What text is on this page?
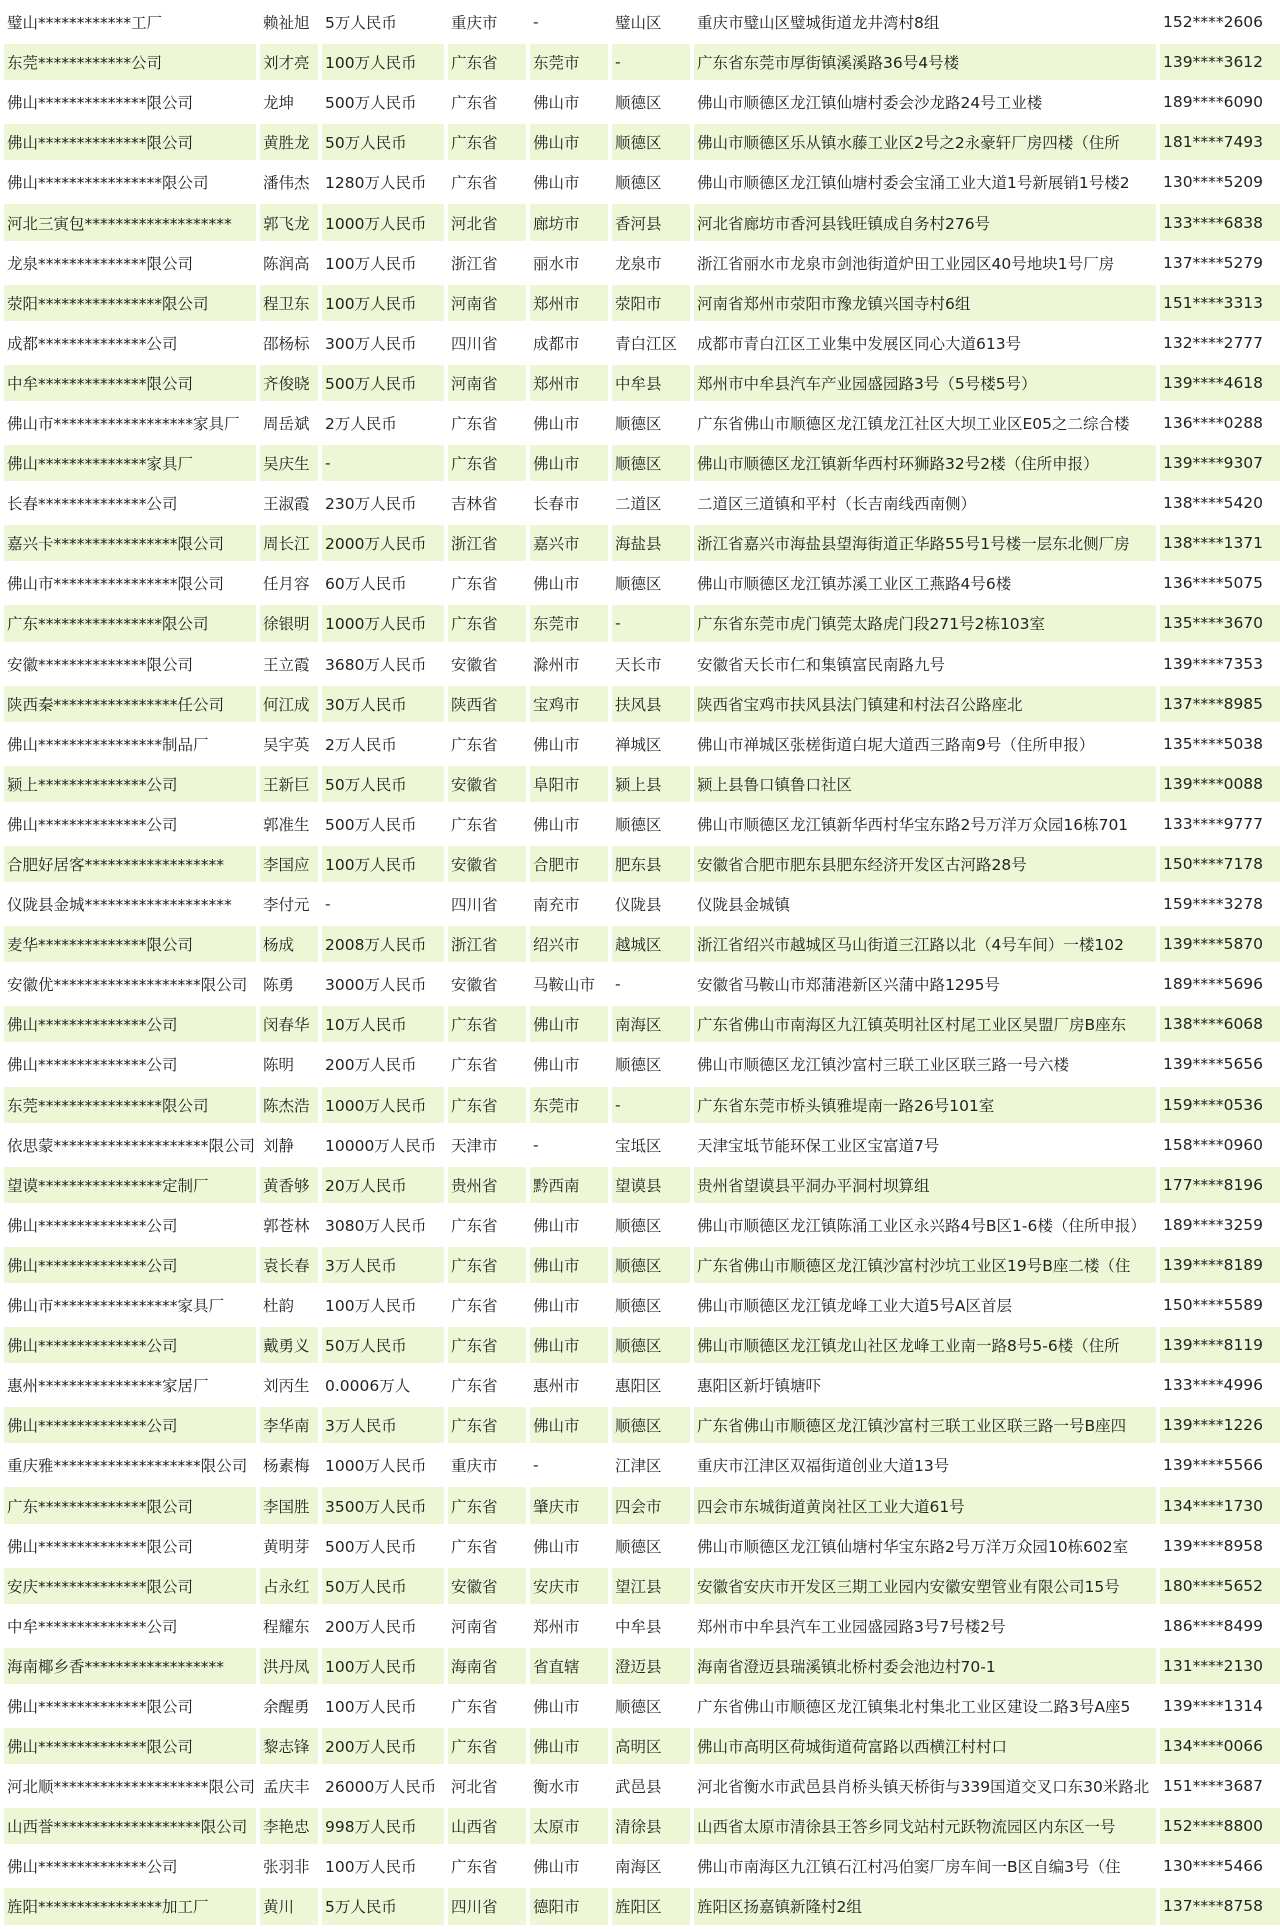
璧山************工厂	赖祉旭	5万人民币	重庆市	-	璧山区	重庆市璧山区璧城街道龙井湾村8组	152****2606
东莞************公司	刘才亮	100万人民币	广东省	东莞市	-	广东省东莞市厚街镇溪溪路36号4号楼	139****3612
佛山**************限公司	龙坤	500万人民币	广东省	佛山市	顺德区	佛山市顺德区龙江镇仙塘村委会沙龙路24号工业楼	189****6090
佛山**************限公司	黄胜龙	50万人民币	广东省	佛山市	顺德区	佛山市顺德区乐从镇水藤工业区2号之2永豪轩厂房四楼（住所	181****7493
佛山****************限公司	潘伟杰	1280万人民币	广东省	佛山市	顺德区	佛山市顺德区龙江镇仙塘村委会宝涌工业大道1号新展销1号楼2	130****5209
河北三寅包*******************	郭飞龙	1000万人民币	河北省	廊坊市	香河县	河北省廊坊市香河县钱旺镇成自务村276号	133****6838
龙泉**************限公司	陈润高	100万人民币	浙江省	丽水市	龙泉市	浙江省丽水市龙泉市剑池街道炉田工业园区40号地块1号厂房	137****5279
荥阳****************限公司	程卫东	100万人民币	河南省	郑州市	荥阳市	河南省郑州市荥阳市豫龙镇兴国寺村6组	151****3313
成都**************公司	邵杨标	300万人民币	四川省	成都市	青白江区	成都市青白江区工业集中发展区同心大道613号	132****2777
中牟**************限公司	齐俊晓	500万人民币	河南省	郑州市	中牟县	郑州市中牟县汽车产业园盛园路3号（5号楼5号）	139****4618
佛山市******************家具厂	周岳斌	2万人民币	广东省	佛山市	顺德区	广东省佛山市顺德区龙江镇龙江社区大坝工业区E05之二综合楼	136****0288
佛山**************家具厂	吴庆生	-	广东省	佛山市	顺德区	佛山市顺德区龙江镇新华西村环狮路32号2楼（住所申报）	139****9307
长春**************公司	王淑霞	230万人民币	吉林省	长春市	二道区	二道区三道镇和平村（长吉南线西南侧）	138****5420
嘉兴卡****************限公司	周长江	2000万人民币	浙江省	嘉兴市	海盐县	浙江省嘉兴市海盐县望海街道正华路55号1号楼一层东北侧厂房	138****1371
佛山市****************限公司	任月容	60万人民币	广东省	佛山市	顺德区	佛山市顺德区龙江镇苏溪工业区工燕路4号6楼	136****5075
广东****************限公司	徐银明	1000万人民币	广东省	东莞市	-	广东省东莞市虎门镇莞太路虎门段271号2栋103室	135****3670
安徽**************限公司	王立霞	3680万人民币	安徽省	滁州市	天长市	安徽省天长市仁和集镇富民南路九号	139****7353
陕西秦****************任公司	何江成	30万人民币	陕西省	宝鸡市	扶风县	陕西省宝鸡市扶风县法门镇建和村法召公路座北	137****8985
佛山****************制品厂	吴宇英	2万人民币	广东省	佛山市	禅城区	佛山市禅城区张槎街道白坭大道西三路南9号（住所申报）	135****5038
颍上**************公司	王新巨	50万人民币	安徽省	阜阳市	颍上县	颍上县鲁口镇鲁口社区	139****0088
佛山**************公司	郭准生	500万人民币	广东省	佛山市	顺德区	佛山市顺德区龙江镇新华西村华宝东路2号万洋万众园16栋701	133****9777
合肥好居客******************	李国应	100万人民币	安徽省	合肥市	肥东县	安徽省合肥市肥东县肥东经济开发区古河路28号	150****7178
仪陇县金城*******************	李付元	-	四川省	南充市	仪陇县	仪陇县金城镇	159****3278
麦华**************限公司	杨成	2008万人民币	浙江省	绍兴市	越城区	浙江省绍兴市越城区马山街道三江路以北（4号车间）一楼102	139****5870
安徽优*******************限公司	陈勇	3000万人民币	安徽省	马鞍山市	-	安徽省马鞍山市郑蒲港新区兴蒲中路1295号	189****5696
佛山**************公司	闵春华	10万人民币	广东省	佛山市	南海区	广东省佛山市南海区九江镇英明社区村尾工业区昊盟厂房B座东	138****6068
佛山**************公司	陈明	200万人民币	广东省	佛山市	顺德区	佛山市顺德区龙江镇沙富村三联工业区联三路一号六楼	139****5656
东莞****************限公司	陈杰浩	1000万人民币	广东省	东莞市	-	广东省东莞市桥头镇雅堤南一路26号101室	159****0536
依思蒙********************限公司	刘静	10000万人民币	天津市	-	宝坻区	天津宝坻节能环保工业区宝富道7号	158****0960
望谟****************定制厂	黄香够	20万人民币	贵州省	黔西南	望谟县	贵州省望谟县平洞办平洞村坝算组	177****8196
佛山**************公司	郭苍林	3080万人民币	广东省	佛山市	顺德区	佛山市顺德区龙江镇陈涌工业区永兴路4号B区1-6楼（住所申报）	189****3259
佛山**************公司	袁长春	3万人民币	广东省	佛山市	顺德区	广东省佛山市顺德区龙江镇沙富村沙坑工业区19号B座二楼（住	139****8189
佛山市****************家具厂	杜韵	100万人民币	广东省	佛山市	顺德区	佛山市顺德区龙江镇龙峰工业大道5号A区首层	150****5589
佛山**************公司	戴勇义	50万人民币	广东省	佛山市	顺德区	佛山市顺德区龙江镇龙山社区龙峰工业南一路8号5-6楼（住所	139****8119
惠州****************家居厂	刘丙生	0.0006万人	广东省	惠州市	惠阳区	惠阳区新圩镇塘吓	133****4996
佛山**************公司	李华南	3万人民币	广东省	佛山市	顺德区	广东省佛山市顺德区龙江镇沙富村三联工业区联三路一号B座四	139****1226
重庆雅*******************限公司	杨素梅	1000万人民币	重庆市	-	江津区	重庆市江津区双福街道创业大道13号	139****5566
广东**************限公司	李国胜	3500万人民币	广东省	肇庆市	四会市	四会市东城街道黄岗社区工业大道61号	134****1730
佛山**************限公司	黄明芽	500万人民币	广东省	佛山市	顺德区	佛山市顺德区龙江镇仙塘村华宝东路2号万洋万众园10栋602室	139****8958
安庆**************限公司	占永红	50万人民币	安徽省	安庆市	望江县	安徽省安庆市开发区三期工业园内安徽安塑管业有限公司15号	180****5652
中牟**************公司	程耀东	200万人民币	河南省	郑州市	中牟县	郑州市中牟县汽车工业园盛园路3号7号楼2号	186****8499
海南椰乡香******************	洪丹凤	100万人民币	海南省	省直辖	澄迈县	海南省澄迈县瑞溪镇北桥村委会池边村70-1	131****2130
佛山**************限公司	余醒勇	100万人民币	广东省	佛山市	顺德区	广东省佛山市顺德区龙江镇集北村集北工业区建设二路3号A座5	139****1314
佛山**************限公司	黎志锋	200万人民币	广东省	佛山市	高明区	佛山市高明区荷城街道荷富路以西横江村村口	134****0066
河北顺********************限公司	孟庆丰	26000万人民币	河北省	衡水市	武邑县	河北省衡水市武邑县肖桥头镇天桥街与339国道交叉口东30米路北	151****3687
山西誉*******************限公司	李艳忠	998万人民币	山西省	太原市	清徐县	山西省太原市清徐县王答乡同戈站村元跃物流园区内东区一号	152****8800
佛山**************公司	张羽非	100万人民币	广东省	佛山市	南海区	佛山市南海区九江镇石江村冯伯窦厂房车间一B区自编3号（住	130****5466
旌阳****************加工厂	黄川	5万人民币	四川省	德阳市	旌阳区	旌阳区扬嘉镇新隆村2组	137****8758
